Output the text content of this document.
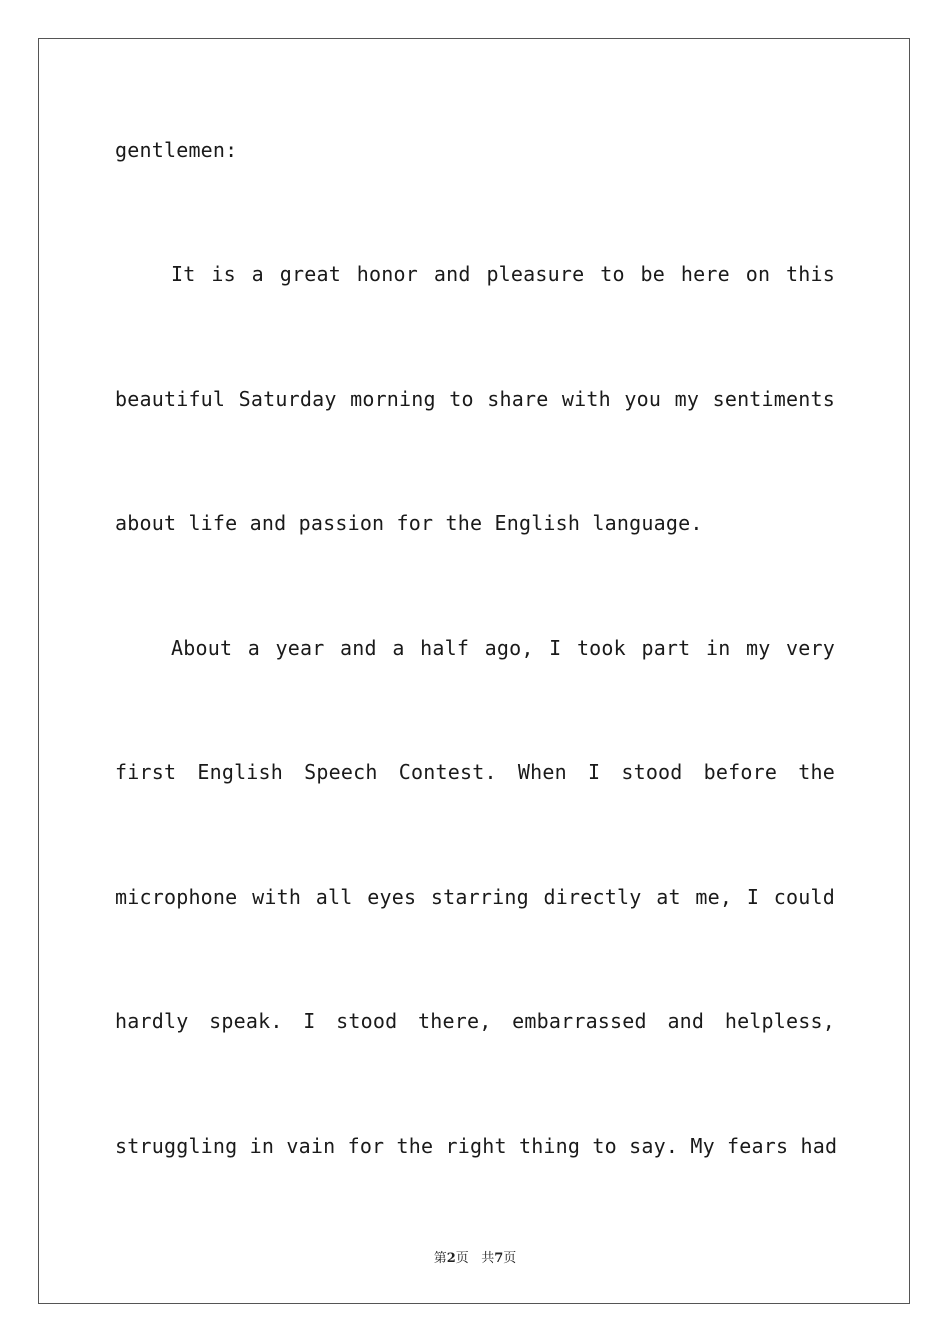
gentlemen:
It is a great honor and pleasure to be here on this
beautiful Saturday morning to share with you my sentiments
about life and passion for the English language.
About a year and a half ago, I took part in my very
first English Speech Contest. When I stood before the
microphone with all eyes starring directly at me, I could
hardly speak. I stood there, embarrassed and helpless,
struggling in vain for the right thing to say. My fears had
第2页 共7页
